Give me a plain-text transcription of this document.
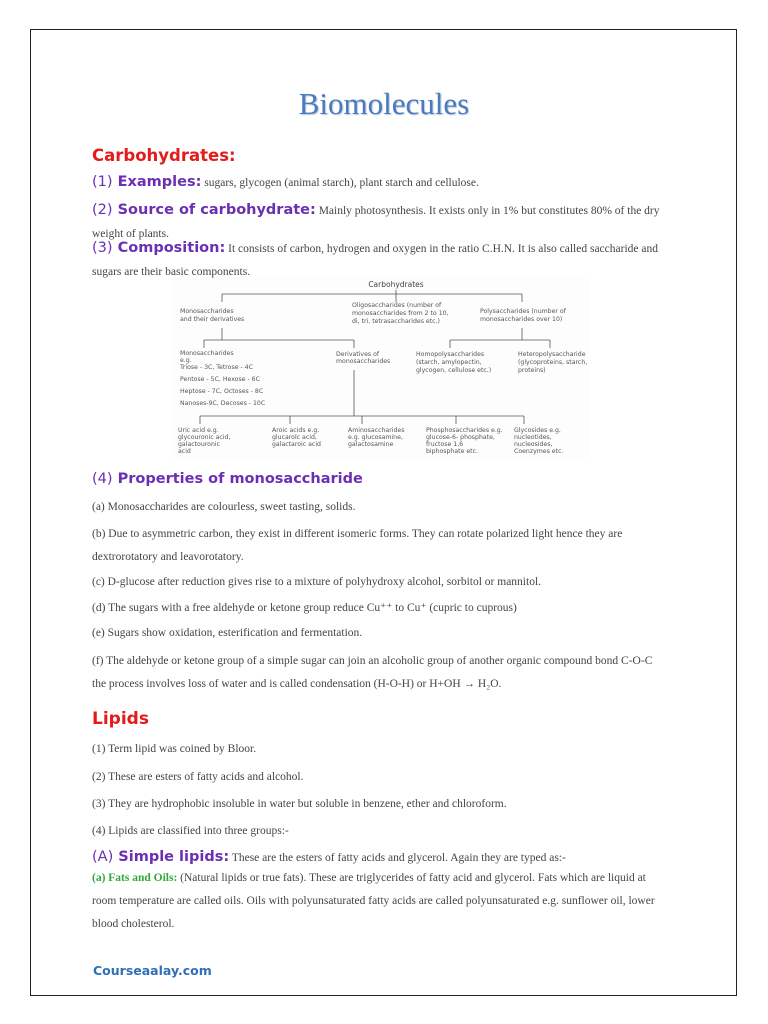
Biomolecules
Carbohydrates:
(1) Examples: sugars, glycogen (animal starch), plant starch and cellulose.
(2) Source of carbohydrate: Mainly photosynthesis. It exists only in 1% but constitutes 80% of the dry weight of plants.
(3) Composition: It consists of carbon, hydrogen and oxygen in the ratio C.H.N. It is also called saccharide and sugars are their basic components.
Carbohydrates
Monosaccharides and their derivatives
Oligosaccharides (number of monosaccharides from 2 to 10, di, tri, tetrasaccharides etc.)
Polysaccharides (number of monosaccharides over 10)
Monosaccharides e.g. Triose - 3C, Tetrose - 4C Pentose - 5C, Hexose - 6C Heptose - 7C, Octoses - 8C Nanoses-9C, Decoses - 10C
Derivatives of monosaccharides
Homopolysaccharides (starch, amylopectin, glycogen, cellulose etc.)
Heteropolysaccharide (glycoproteins, starch, proteins)
Uric acid e.g. glycouronic acid, galactouronic acid
Aroic acids e.g. glucarolc acid, galactaroic acid
Aminosaccharides e.g. glucosamine, galactosamine
Phosphosaccharides e.g. glucose-6- phosphate, fructose 1,6 biphosphate etc.
Glycosides e.g. nucleotides, nucleosides, Coenzymes etc.
(4) Properties of monosaccharide
(a) Monosaccharides are colourless, sweet tasting, solids.
(b) Due to asymmetric carbon, they exist in different isomeric forms. They can rotate polarized light hence they are dextrorotatory and leavorotatory.
(c) D-glucose after reduction gives rise to a mixture of polyhydroxy alcohol, sorbitol or mannitol.
(d) The sugars with a free aldehyde or ketone group reduce Cu⁺⁺ to Cu⁺ (cupric to cuprous)
(e) Sugars show oxidation, esterification and fermentation.
(f) The aldehyde or ketone group of a simple sugar can join an alcoholic group of another organic compound bond C-O-C the process involves loss of water and is called condensation (H-O-H) or H+OH → H₂O.
Lipids
(1) Term lipid was coined by Bloor.
(2) These are esters of fatty acids and alcohol.
(3) They are hydrophobic insoluble in water but soluble in benzene, ether and chloroform.
(4) Lipids are classified into three groups:-
(A) Simple lipids: These are the esters of fatty acids and glycerol. Again they are typed as:-
(a) Fats and Oils: (Natural lipids or true fats). These are triglycerides of fatty acid and glycerol. Fats which are liquid at room temperature are called oils. Oils with polyunsaturated fatty acids are called polyunsaturated e.g. sunflower oil, lower blood cholesterol.
Courseaalay.com
